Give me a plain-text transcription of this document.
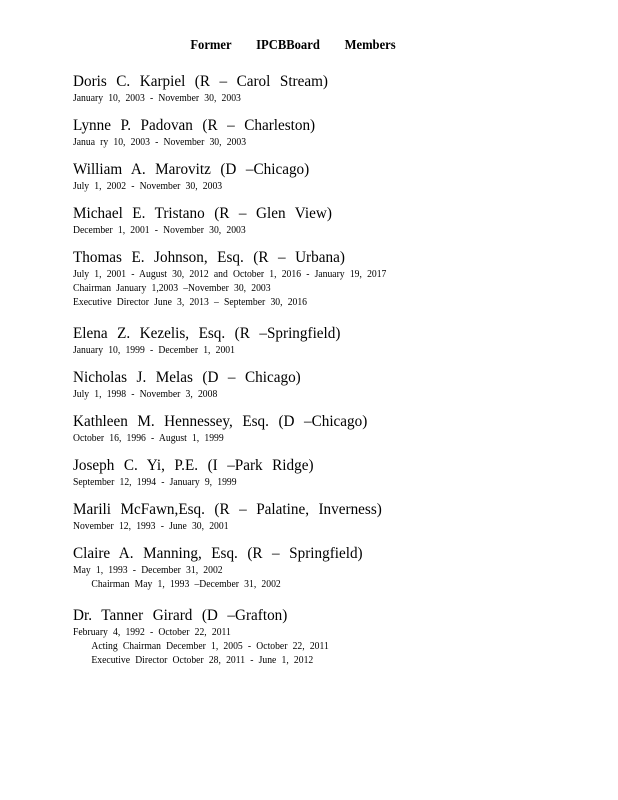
Former IPCBBoard Members
Doris C. Karpiel (R – Carol Stream)
January 10, 2003 - November 30, 2003
Lynne P. Padovan (R – Charleston)
Janua ry 10, 2003 - November 30, 2003
William A. Marovitz (D –Chicago)
July 1, 2002 - November 30, 2003
Michael E. Tristano (R – Glen View)
December 1, 2001 - November 30, 2003
Thomas E. Johnson, Esq. (R – Urbana)
July 1, 2001 - August 30, 2012 and October 1, 2016 - January 19, 2017
Chairman January 1,2003 –November 30, 2003
Executive Director June 3, 2013 – September 30, 2016
Elena Z. Kezelis, Esq. (R –Springfield)
January 10, 1999 - December 1, 2001
Nicholas J. Melas (D – Chicago)
July 1, 1998 - November 3, 2008
Kathleen M. Hennessey, Esq. (D –Chicago)
October 16, 1996 - August 1, 1999
Joseph C. Yi, P.E. (I –Park Ridge)
September 12, 1994 - January 9, 1999
Marili McFawn,Esq. (R – Palatine, Inverness)
November 12, 1993 - June 30, 2001
Claire A. Manning, Esq. (R – Springfield)
May 1, 1993 - December 31, 2002
Chairman May 1, 1993 –December 31, 2002
Dr. Tanner Girard (D –Grafton)
February 4, 1992 - October 22, 2011
Acting Chairman December 1, 2005 - October 22, 2011
Executive Director October 28, 2011 - June 1, 2012
